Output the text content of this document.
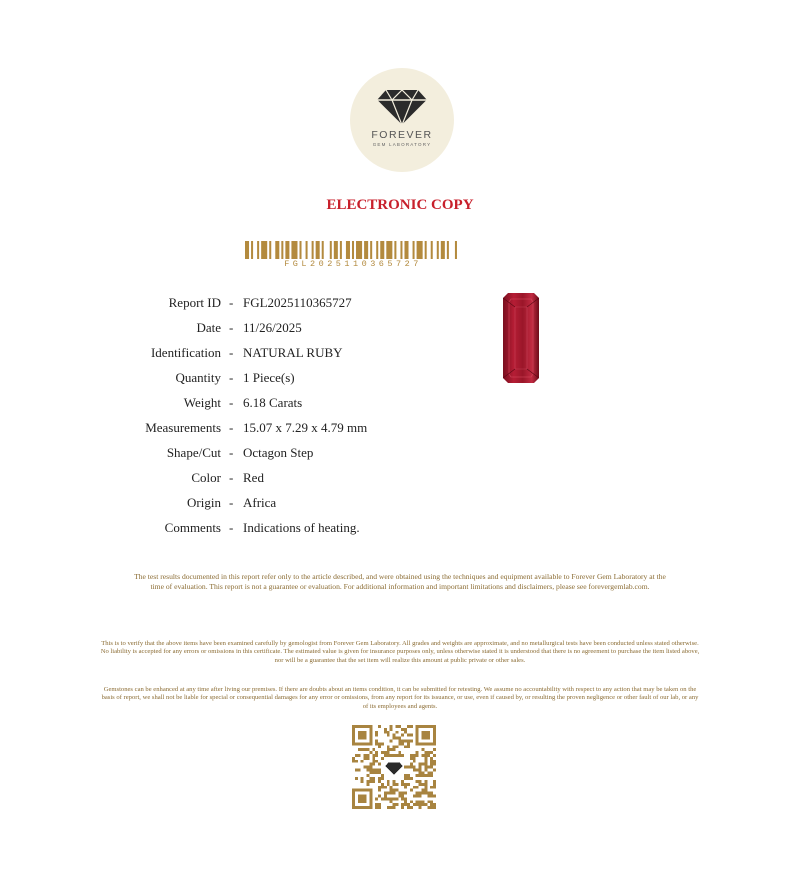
FOREVER
GEM LABORATORY
ELECTRONIC COPY
FGL2025110365727
Report ID - FGL2025110365727
Date - 11/26/2025
Identification - NATURAL RUBY
Quantity - 1 Piece(s)
Weight - 6.18 Carats
Measurements - 15.07 x 7.29 x 4.79 mm
Shape/Cut - Octagon Step
Color - Red
Origin - Africa
Comments - Indications of heating.
The test results documented in this report refer only to the article described, and were obtained using the techniques and equipment available to Forever Gem Laboratory at the time of evaluation. This report is not a guarantee or evaluation. For additional information and important limitations and disclaimers, please see forevergemlab.com.
This is to verify that the above items have been examined carefully by gemologist from Forever Gem Laboratory. All grades and weights are approximate, and no metallurgical tests have been conducted unless stated otherwise. No liability is accepted for any errors or omissions in this certificate. The estimated value is given for insurance purposes only, unless otherwise stated it is understood that there is no agreement to purchase the item listed above, nor will be a guarantee that the set item will realize this amount at public private or other sales.
Gemstones can be enhanced at any time after living our premises. If there are doubts about an items condition, it can be submitted for retesting. We assume no accountability with respect to any action that may be taken on the basis of report, we shall not be liable for special or consequential damages for any error or omissions, from any report for its issuance, or use, even if caused by, or resulting the proven negligence or other fault of our lab, or any of its employees and agents.
